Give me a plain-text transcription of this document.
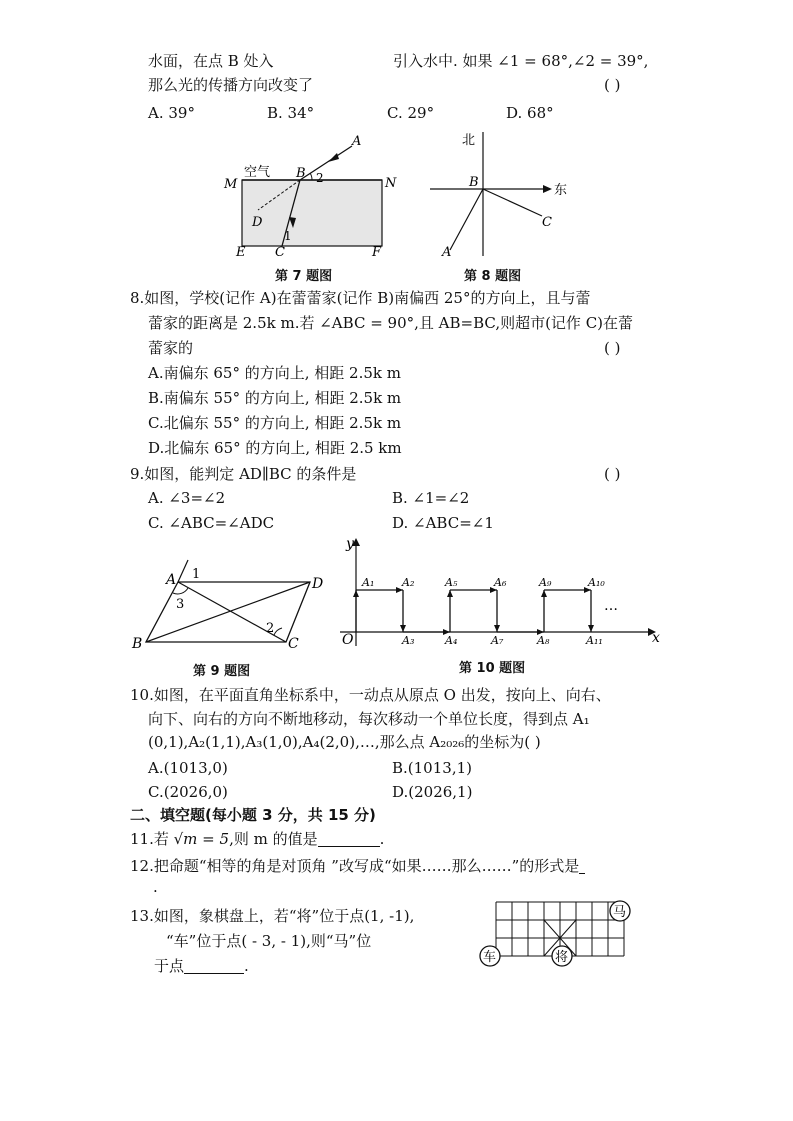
水面，在点 B 处入	引入水中. 如果 ∠1 = 68°,∠2 = 39°,
那么光的传播方向改变了	( )
A. 39°	B. 34°	C. 29°	D. 68°
空气
A
B 2
M	N
D
1
E C	F
第 7 题图
北
东
B
C
A
第 8 题图
8.如图，学校(记作 A)在蕾蕾家(记作 B)南偏西 25°的方向上，且与蕾
蕾家的距离是 2.5k m.若 ∠ABC = 90°,且 AB=BC,则超市(记作 C)在蕾
蕾家的	( )
A.南偏东 65° 的方向上, 相距 2.5k m
B.南偏东 55° 的方向上, 相距 2.5k m
C.北偏东 55° 的方向上, 相距 2.5k m
D.北偏东 65° 的方向上, 相距 2.5 km
9.如图，能判定 AD∥BC 的条件是	( )
A. ∠3=∠2	B. ∠1=∠2
C. ∠ABC=∠ADC	D. ∠ABC=∠1
A 1
3
D
B	C
2
第 9 题图
y
x
O
A₁	A₂
A₃	A₄
A₅	A₆
A₇	A₈
A₉	A₁₀
A₁₁
…
第 10 题图
10.如图，在平面直角坐标系中，一动点从原点 O 出发，按向上、向右、
向下、向右的方向不断地移动，每次移动一个单位长度，得到点 A₁
(0,1),A₂(1,1),A₃(1,0),A₄(2,0),…,那么点 A₂₀₂₆的坐标为( )
A.(1013,0)	B.(1013,1)
C.(2026,0)	D.(2026,1)
二、填空题(每小题 3 分，共 15 分)
11.若 √m = 5,则 m 的值是	.
12.把命题“相等的角是对顶角 ”改写成“如果……那么……”的形式是
.
13.如图，象棋盘上，若“将”位于点(1, -1),
“车”位于点( - 3, - 1),则“马”位
于点	.
马
车	将
